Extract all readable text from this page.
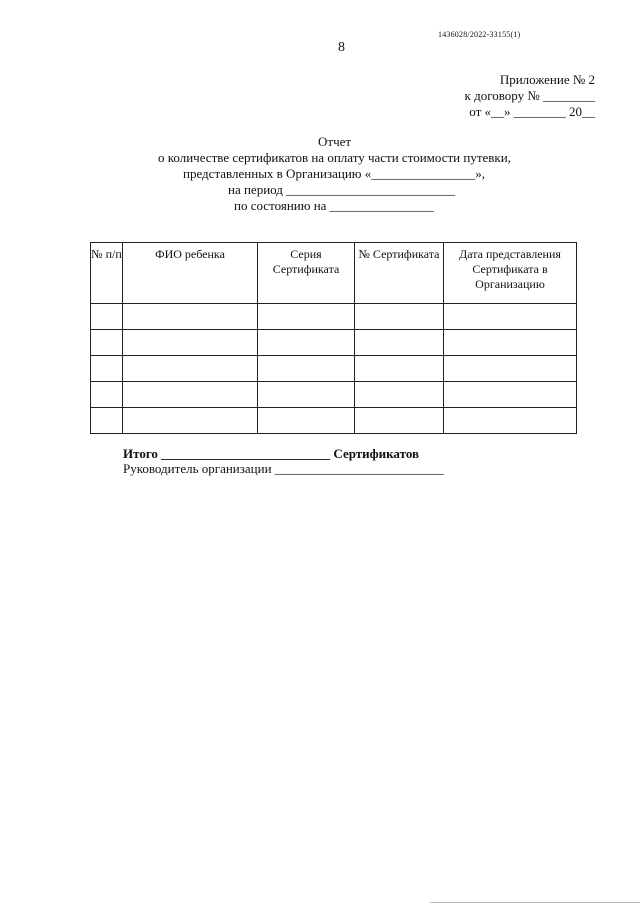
1436028/2022-33155(1)
8
Приложение № 2
к договору № ________
от «__» ________ 20__
Отчет
о количестве сертификатов на оплату части стоимости путевки,
представленных в Организацию «________________»,
на период __________________________
по состоянию на ________________
№ п/п	ФИО ребенка	Серия Сертификата	№ Сертификата	Дата представления Сертификата в Организацию

Итого __________________________ Сертификатов
Руководитель организации __________________________
